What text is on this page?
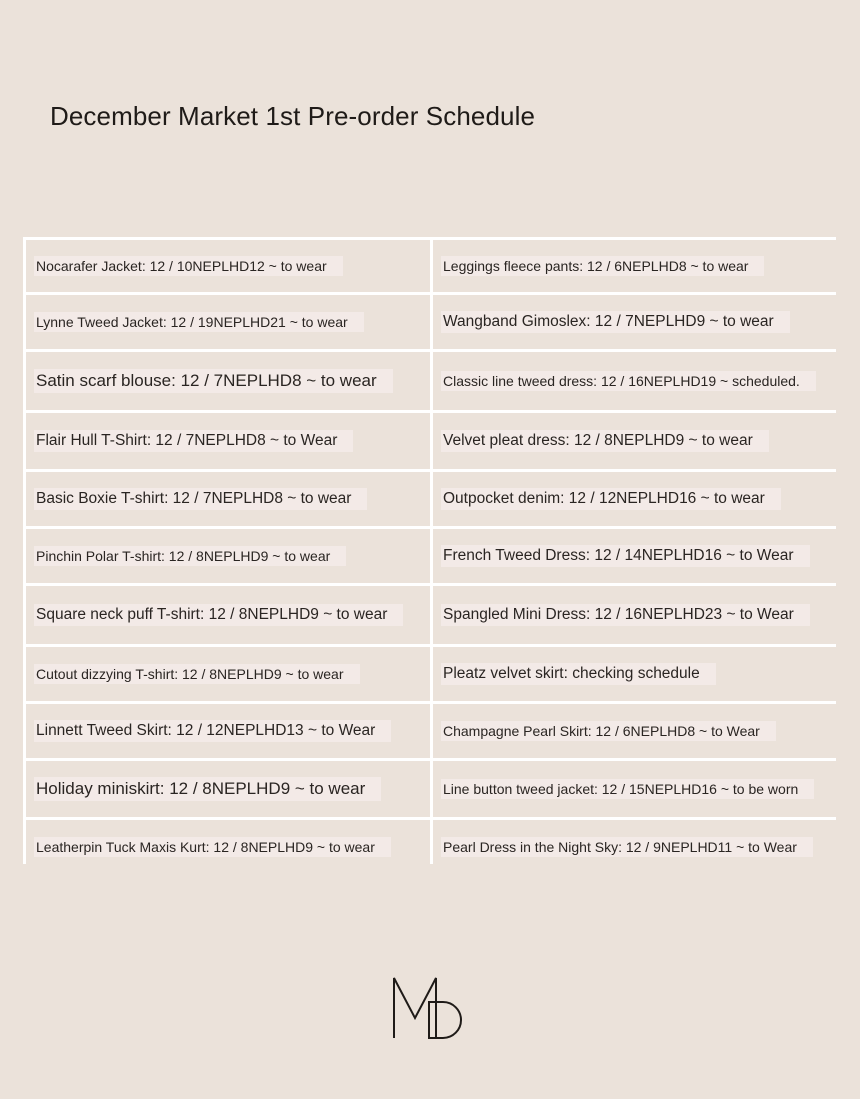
December Market 1st Pre-order Schedule
Nocarafer Jacket: 12 / 10NEPLHD12 ~ to wear	Leggings fleece pants: 12 / 6NEPLHD8 ~ to wear
Lynne Tweed Jacket: 12 / 19NEPLHD21 ~ to wear	Wangband Gimoslex: 12 / 7NEPLHD9 ~ to wear
Satin scarf blouse: 12 / 7NEPLHD8 ~ to wear	Classic line tweed dress: 12 / 16NEPLHD19 ~ scheduled.
Flair Hull T-Shirt: 12 / 7NEPLHD8 ~ to Wear	Velvet pleat dress: 12 / 8NEPLHD9 ~ to wear
Basic Boxie T-shirt: 12 / 7NEPLHD8 ~ to wear	Outpocket denim: 12 / 12NEPLHD16 ~ to wear
Pinchin Polar T-shirt: 12 / 8NEPLHD9 ~ to wear	French Tweed Dress: 12 / 14NEPLHD16 ~ to Wear
Square neck puff T-shirt: 12 / 8NEPLHD9 ~ to wear	Spangled Mini Dress: 12 / 16NEPLHD23 ~ to Wear
Cutout dizzying T-shirt: 12 / 8NEPLHD9 ~ to wear	Pleatz velvet skirt: checking schedule
Linnett Tweed Skirt: 12 / 12NEPLHD13 ~ to Wear	Champagne Pearl Skirt: 12 / 6NEPLHD8 ~ to Wear
Holiday miniskirt: 12 / 8NEPLHD9 ~ to wear	Line button tweed jacket: 12 / 15NEPLHD16 ~ to be worn
Leatherpin Tuck Maxis Kurt: 12 / 8NEPLHD9 ~ to wear	Pearl Dress in the Night Sky: 12 / 9NEPLHD11 ~ to Wear
